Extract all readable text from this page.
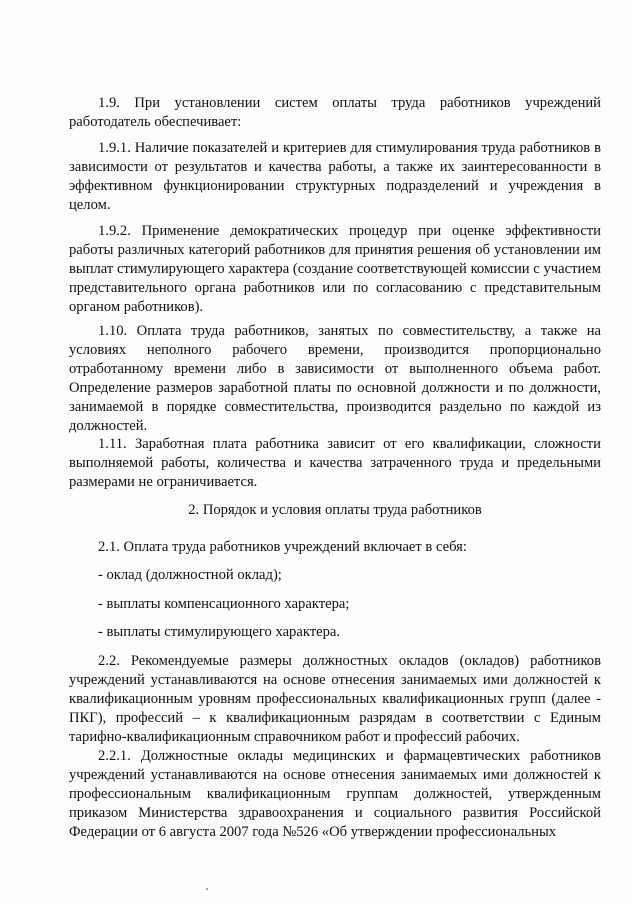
1.9. При установлении систем оплаты труда работников учреждений работодатель обеспечивает:

1.9.1. Наличие показателей и критериев для стимулирования труда работников в зависимости от результатов и качества работы, а также их заинтересованности в эффективном функционировании структурных подразделений и учреждения в целом.

1.9.2. Применение демократических процедур при оценке эффективности работы различных категорий работников для принятия решения об установлении им выплат стимулирующего характера (создание соответствующей комиссии с участием представительного органа работников или по согласованию с представительным органом работников).

1.10. Оплата труда работников, занятых по совместительству, а также на условиях неполного рабочего времени, производится пропорционально отработанному времени либо в зависимости от выполненного объема работ. Определение размеров заработной платы по основной должности и по должности, занимаемой в порядке совместительства, производится раздельно по каждой из должностей.

1.11. Заработная плата работника зависит от его квалификации, сложности выполняемой работы, количества и качества затраченного труда и предельными размерами не ограничивается.

2. Порядок и условия оплаты труда работников

2.1. Оплата труда работников учреждений включает в себя:

- оклад (должностной оклад);

- выплаты компенсационного характера;

- выплаты стимулирующего характера.

2.2. Рекомендуемые размеры должностных окладов (окладов) работников учреждений устанавливаются на основе отнесения занимаемых ими должностей к квалификационным уровням профессиональных квалификационных групп (далее - ПКГ), профессий – к квалификационным разрядам в соответствии с Единым тарифно-квалификационным справочником работ и профессий рабочих.

2.2.1. Должностные оклады медицинских и фармацевтических работников учреждений устанавливаются на основе отнесения занимаемых ими должностей к профессиональным квалификационным группам должностей, утвержденным приказом Министерства здравоохранения и социального развития Российской Федерации от 6 августа 2007 года №526 «Об утверждении профессиональных
